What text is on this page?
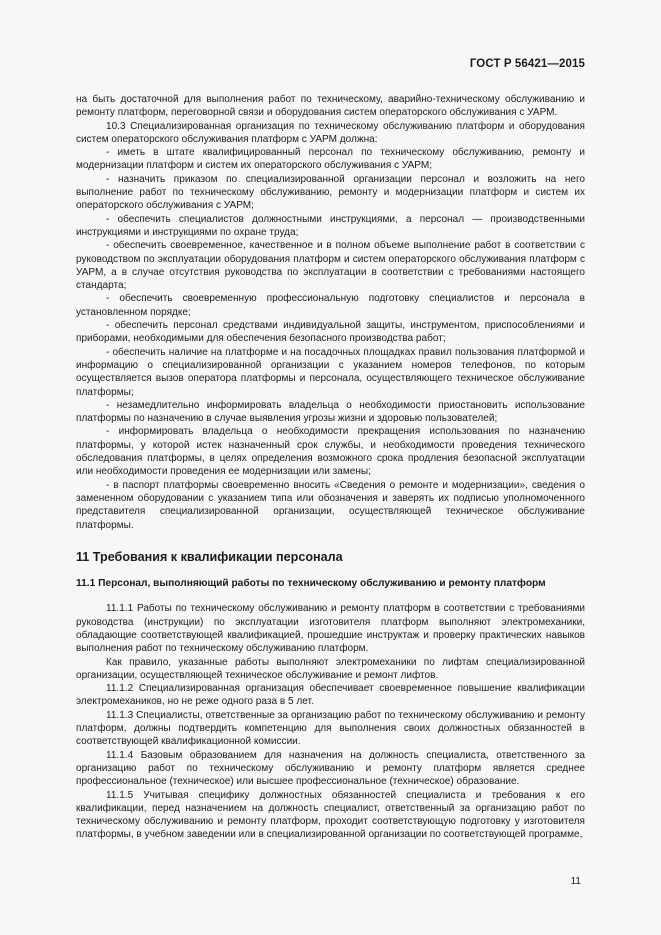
ГОСТ Р 56421—2015

на быть достаточной для выполнения работ по техническому, аварийно-техническому обслуживанию и ремонту платформ, переговорной связи и оборудования систем операторского обслуживания с УАРМ.

10.3 Специализированная организация по техническому обслуживанию платформ и оборудования систем операторского обслуживания платформ с УАРМ должна:

- иметь в штате квалифицированный персонал по техническому обслуживанию, ремонту и модернизации платформ и систем их операторского обслуживания с УАРМ;

- назначить приказом по специализированной организации персонал и возложить на него выполнение работ по техническому обслуживанию, ремонту и модернизации платформ и систем их операторского обслуживания с УАРМ;

- обеспечить специалистов должностными инструкциями, а персонал — производственными инструкциями и инструкциями по охране труда;

- обеспечить своевременное, качественное и в полном объеме выполнение работ в соответствии с руководством по эксплуатации оборудования платформ и систем операторского обслуживания платформ с УАРМ, а в случае отсутствия руководства по эксплуатации в соответствии с требованиями настоящего стандарта;

- обеспечить своевременную профессиональную подготовку специалистов и персонала в установленном порядке;

- обеспечить персонал средствами индивидуальной защиты, инструментом, приспособлениями и приборами, необходимыми для обеспечения безопасного производства работ;

- обеспечить наличие на платформе и на посадочных площадках правил пользования платформой и информацию о специализированной организации с указанием номеров телефонов, по которым осуществляется вызов оператора платформы и персонала, осуществляющего техническое обслуживание платформы;

- незамедлительно информировать владельца о необходимости приостановить использование платформы по назначению в случае выявления угрозы жизни и здоровью пользователей;

- информировать владельца о необходимости прекращения использования по назначению платформы, у которой истек назначенный срок службы, и необходимости проведения технического обследования платформы, в целях определения возможного срока продления безопасной эксплуатации или необходимости проведения ее модернизации или замены;

- в паспорт платформы своевременно вносить «Сведения о ремонте и модернизации», сведения о замененном оборудовании с указанием типа или обозначения и заверять их подписью уполномоченного представителя специализированной организации, осуществляющей техническое обслуживание платформы.

11 Требования к квалификации персонала
11.1 Персонал, выполняющий работы по техническому обслуживанию и ремонту платформ

11.1.1 Работы по техническому обслуживанию и ремонту платформ в соответствии с требованиями руководства (инструкции) по эксплуатации изготовителя платформ выполняют электромеханики, обладающие соответствующей квалификацией, прошедшие инструктаж и проверку практических навыков выполнения работ по техническому обслуживанию платформ.

Как правило, указанные работы выполняют электромеханики по лифтам специализированной организации, осуществляющей техническое обслуживание и ремонт лифтов.

11.1.2 Специализированная организация обеспечивает своевременное повышение квалификации электромехаников, но не реже одного раза в 5 лет.

11.1.3 Специалисты, ответственные за организацию работ по техническому обслуживанию и ремонту платформ, должны подтвердить компетенцию для выполнения своих должностных обязанностей в соответствующей квалификационной комиссии.

11.1.4 Базовым образованием для назначения на должность специалиста, ответственного за организацию работ по техническому обслуживанию и ремонту платформ является среднее профессиональное (техническое) или высшее профессиональное (техническое) образование.

11.1.5 Учитывая специфику должностных обязанностей специалиста и требования к его квалификации, перед назначением на должность специалист, ответственный за организацию работ по техническому обслуживанию и ремонту платформ, проходит соответствующую подготовку у изготовителя платформы, в учебном заведении или в специализированной организации по соответствующей программе,

11
